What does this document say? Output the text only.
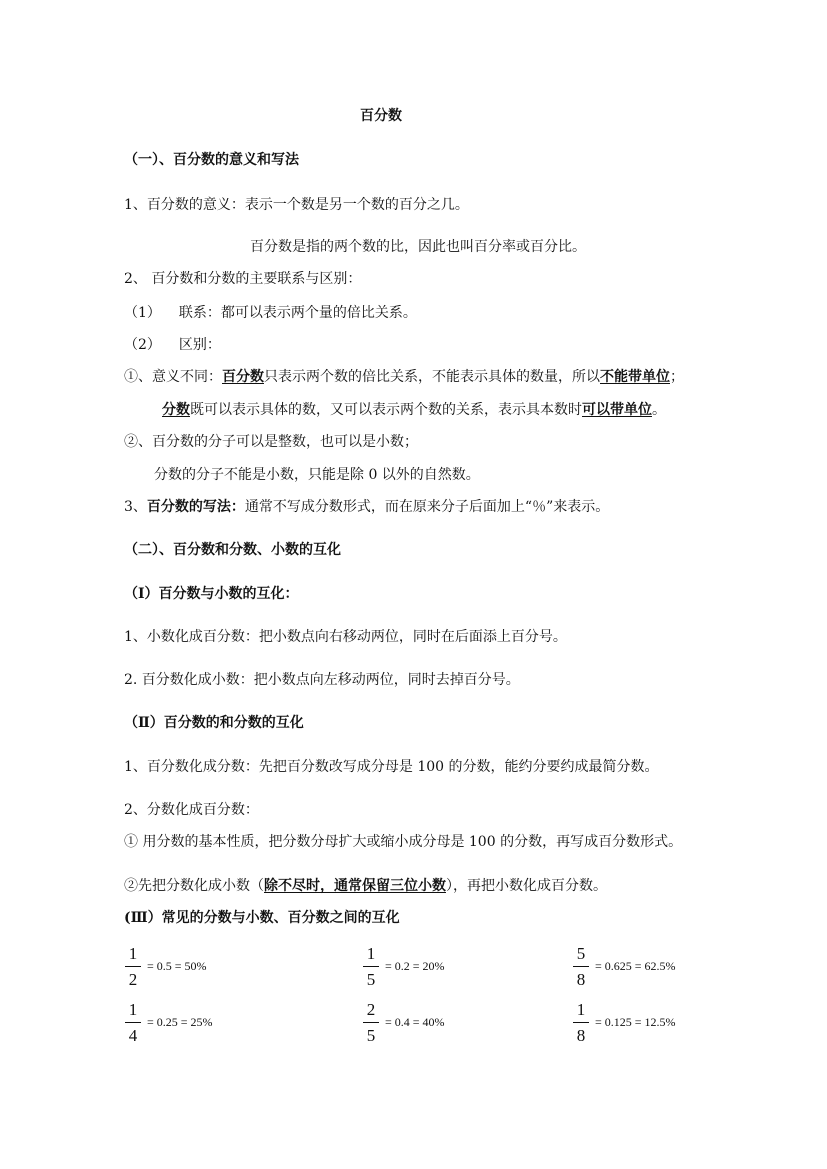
百分数
（一）、百分数的意义和写法
1、百分数的意义：表示一个数是另一个数的百分之几。
百分数是指的两个数的比，因此也叫百分率或百分比。
2、 百分数和分数的主要联系与区别：
（1） 联系：都可以表示两个量的倍比关系。
（2） 区别：
①、意义不同：百分数只表示两个数的倍比关系，不能表示具体的数量，所以不能带单位；
分数既可以表示具体的数，又可以表示两个数的关系，表示具本数时可以带单位。
②、百分数的分子可以是整数，也可以是小数；
分数的分子不能是小数，只能是除 0 以外的自然数。
3、百分数的写法：通常不写成分数形式，而在原来分子后面加上“％”来表示。
（二）、百分数和分数、小数的互化
（Ⅰ）百分数与小数的互化：
1、小数化成百分数：把小数点向右移动两位，同时在后面添上百分号。
2. 百分数化成小数：把小数点向左移动两位，同时去掉百分号。
（Ⅱ）百分数的和分数的互化
1、百分数化成分数：先把百分数改写成分母是 100 的分数，能约分要约成最简分数。
2、分数化成百分数：
① 用分数的基本性质，把分数分母扩大或缩小成分母是 100 的分数，再写成百分数形式。
②先把分数化成小数（除不尽时，通常保留三位小数），再把小数化成百分数。
(Ⅲ）常见的分数与小数、百分数之间的互化
1
2
= 0.5 = 50%
1
5
= 0.2 = 20%
5
8
= 0.625 = 62.5%
1
4
= 0.25 = 25%
2
5
= 0.4 = 40%
1
8
= 0.125 = 12.5%
